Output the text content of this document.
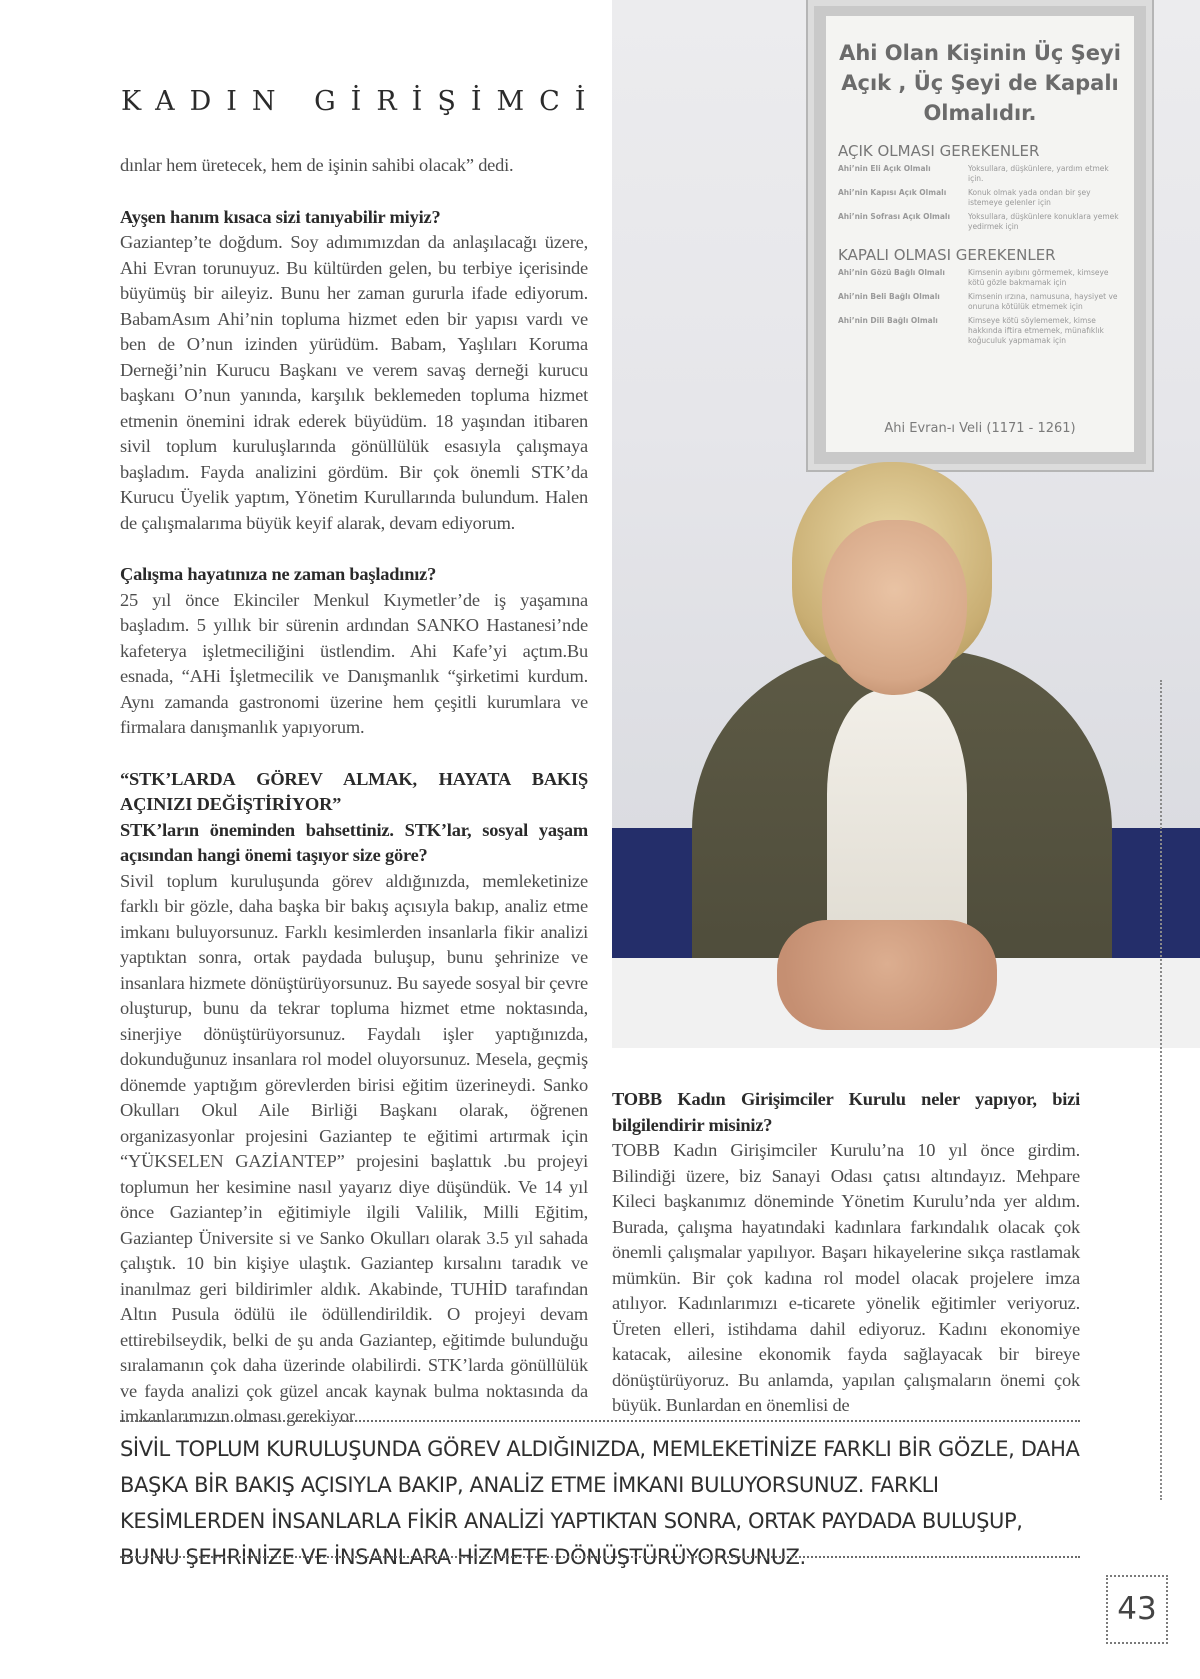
KADIN GİRİŞİMCİ

dınlar hem üretecek, hem de işinin sahibi olacak” dedi.

Ayşen hanım kısaca sizi tanıyabilir miyiz?

Gaziantep’te doğdum. Soy adımımızdan da anlaşılacağı üzere, Ahi Evran torunuyuz. Bu kültürden gelen, bu terbiye içerisinde büyümüş bir aileyiz. Bunu her zaman gururla ifade ediyorum. BabamAsım Ahi’nin topluma hizmet eden bir yapısı vardı ve ben de O’nun izinden yürüdüm. Babam, Yaşlıları Koruma Derneği’nin Kurucu Başkanı ve verem savaş derneği kurucu başkanı O’nun yanında, karşılık beklemeden topluma hizmet etmenin önemini idrak ederek büyüdüm. 18 yaşından itibaren sivil toplum kuruluşlarında gönüllülük esasıyla çalışmaya başladım. Fayda analizini gördüm. Bir çok önemli STK’da Kurucu Üyelik yaptım, Yönetim Kurullarında bulundum. Halen de çalışmalarıma büyük keyif alarak, devam ediyorum.

Çalışma hayatınıza ne zaman başladınız?

25 yıl önce Ekinciler Menkul Kıymetler’de iş yaşamına başladım. 5 yıllık bir sürenin ardından SANKO Hastanesi’nde kafeterya işletmeciliğini üstlendim. Ahi Kafe’yi açtım.Bu esnada, “AHi İşletmecilik ve Danışmanlık “şirketimi kurdum. Aynı zamanda gastronomi üzerine hem çeşitli kurumlara ve firmalara danışmanlık yapıyorum.

“STK’LARDA GÖREV ALMAK, HAYATA BAKIŞ AÇINIZI DEĞİŞTİRİYOR”

STK’ların öneminden bahsettiniz. STK’lar, sosyal yaşam açısından hangi önemi taşıyor size göre?

Sivil toplum kuruluşunda görev aldığınızda, memleketinize farklı bir gözle, daha başka bir bakış açısıyla bakıp, analiz etme imkanı buluyorsunuz. Farklı kesimlerden insanlarla fikir analizi yaptıktan sonra, ortak paydada buluşup, bunu şehrinize ve insanlara hizmete dönüştürüyorsunuz. Bu sayede sosyal bir çevre oluşturup, bunu da tekrar topluma hizmet etme noktasında, sinerjiye dönüştürüyorsunuz. Faydalı işler yaptığınızda, dokunduğunuz insanlara rol model oluyorsunuz. Mesela, geçmiş dönemde yaptığım görevlerden birisi eğitim üzerineydi. Sanko Okulları Okul Aile Birliği Başkanı olarak, öğrenen organizasyonlar projesini Gaziantep te eğitimi artırmak için “YÜKSELEN GAZİANTEP” projesini başlattık .bu projeyi toplumun her kesimine nasıl yayarız diye düşündük. Ve 14 yıl önce Gaziantep’in eğitimiyle ilgili Valilik, Milli Eğitim, Gaziantep Üniversite si ve Sanko Okulları olarak 3.5 yıl sahada çalıştık. 10 bin kişiye ulaştık. Gaziantep kırsalını taradık ve inanılmaz geri bildirimler aldık. Akabinde, TUHİD tarafından Altın Pusula ödülü ile ödüllendirildik. O projeyi devam ettirebilseydik, belki de şu anda Gaziantep, eğitimde bulunduğu sıralamanın çok daha üzerinde olabilirdi. STK’larda gönüllülük ve fayda analizi çok güzel ancak kaynak bulma noktasında da imkanlarımızın olması gerekiyor.

Ahi Olan Kişinin Üç Şeyi Açık , Üç Şeyi de Kapalı Olmalıdır.
AÇIK OLMASI GEREKENLER
Ahi’nin Eli Açık Olmalı	Yoksullara, düşkünlere, yardım etmek için.
Ahi’nin Kapısı Açık Olmalı	Konuk olmak yada ondan bir şey istemeye gelenler için
Ahi’nin Sofrası Açık Olmalı	Yoksullara, düşkünlere konuklara yemek yedirmek için
KAPALI OLMASI GEREKENLER
Ahi’nin Gözü Bağlı Olmalı	Kimsenin ayıbını görmemek, kimseye kötü gözle bakmamak için
Ahi’nin Beli Bağlı Olmalı	Kimsenin ırzına, namusuna, haysiyet ve onuruna kötülük etmemek için
Ahi’nin Dili Bağlı Olmalı	Kimseye kötü söylememek, kimse hakkında iftira etmemek, münafıklık koğuculuk yapmamak için
Ahi Evran-ı Veli (1171 - 1261)

TOBB Kadın Girişimciler Kurulu neler yapıyor, bizi bilgilendirir misiniz?

TOBB Kadın Girişimciler Kurulu’na 10 yıl önce girdim. Bilindiği üzere, biz Sanayi Odası çatısı altındayız. Mehpare Kileci başkanımız döneminde Yönetim Kurulu’nda yer aldım. Burada, çalışma hayatındaki kadınlara farkındalık olacak çok önemli çalışmalar yapılıyor. Başarı hikayelerine sıkça rastlamak mümkün. Bir çok kadına rol model olacak projelere imza atılıyor. Kadınlarımızı e-ticarete yönelik eğitimler veriyoruz. Üreten elleri, istihdama dahil ediyoruz. Kadını ekonomiye katacak, ailesine ekonomik fayda sağlayacak bir bireye dönüştürüyoruz. Bu anlamda, yapılan çalışmaların önemi çok büyük. Bunlardan en önemlisi de

SİVİL TOPLUM KURULUŞUNDA GÖREV ALDIĞINIZDA, MEMLEKETİNİZE FARKLI BİR GÖZLE, DAHA BAŞKA BİR BAKIŞ AÇISIYLA BAKIP, ANALİZ ETME İMKANI BULUYORSUNUZ. FARKLI KESİMLERDEN İNSANLARLA FİKİR ANALİZİ YAPTIKTAN SONRA, ORTAK PAYDADA BULUŞUP, BUNU ŞEHRİNİZE VE İNSANLARA HİZMETE DÖNÜŞTÜRÜYORSUNUZ.
43
